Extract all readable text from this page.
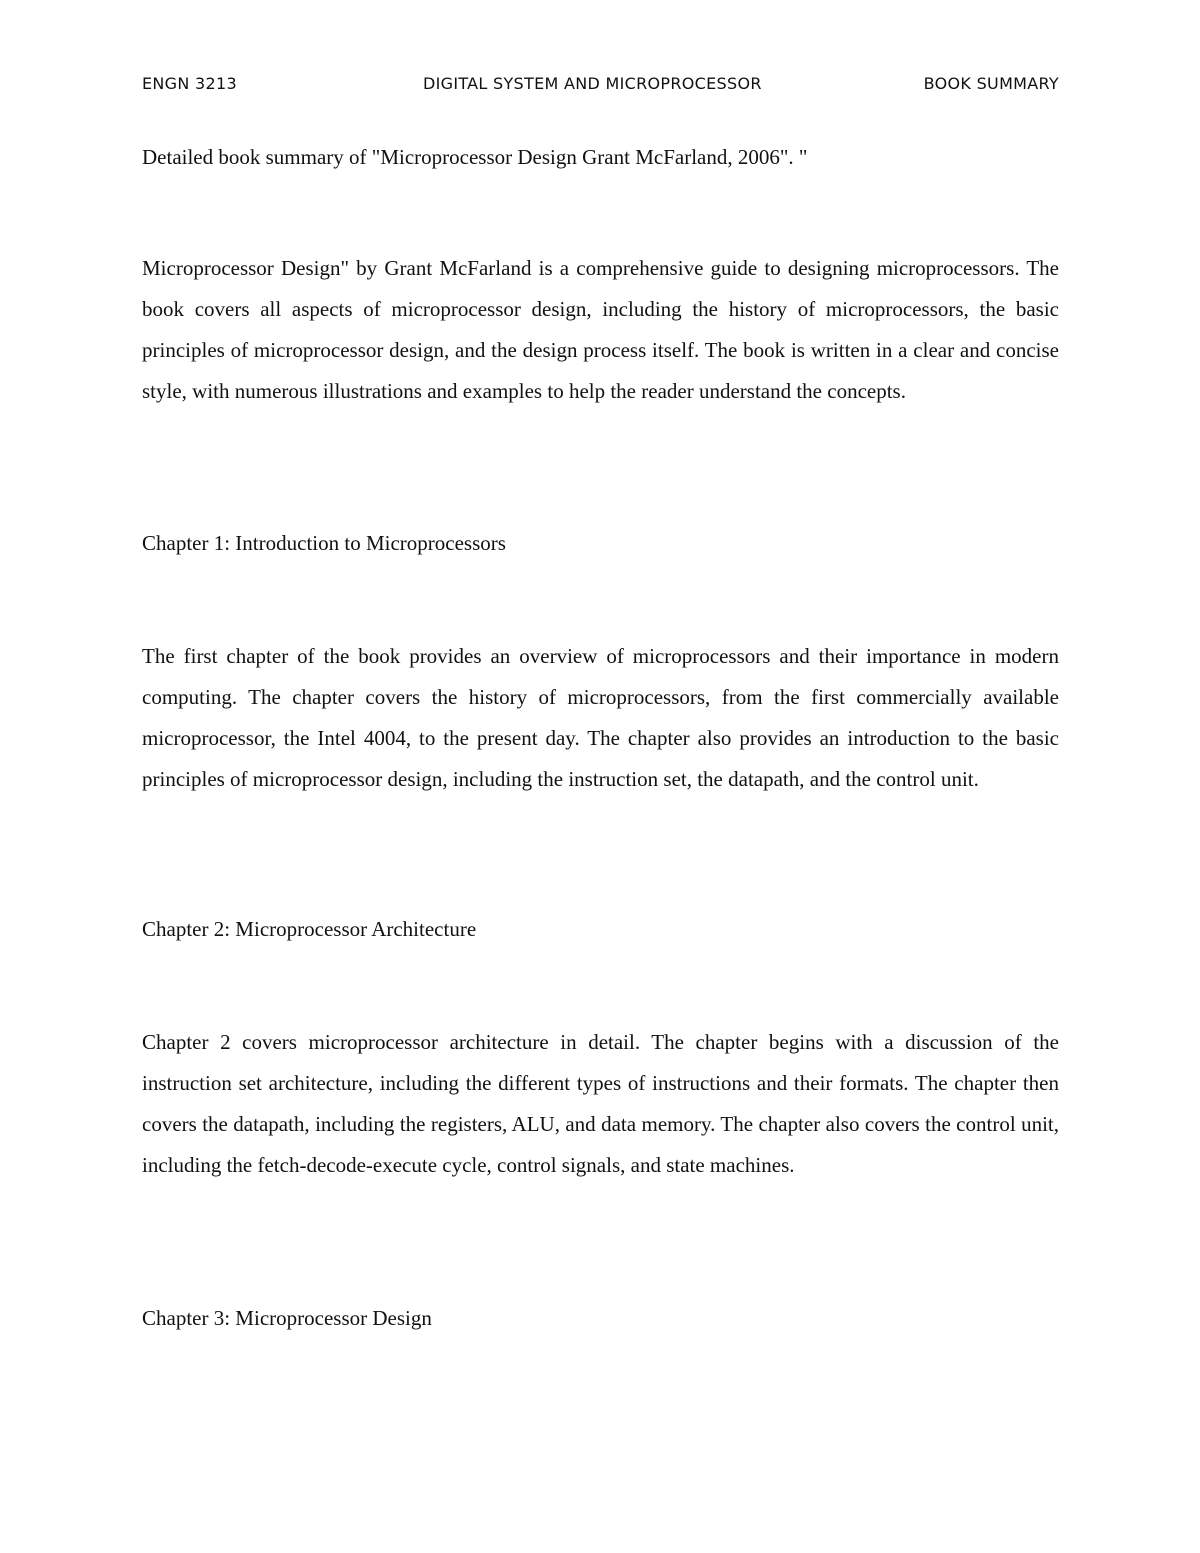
ENGN 3213	DIGITAL SYSTEM AND MICROPROCESSOR	BOOK SUMMARY

Detailed book summary of "Microprocessor Design Grant McFarland, 2006". "

Microprocessor Design" by Grant McFarland is a comprehensive guide to designing microprocessors. The book covers all aspects of microprocessor design, including the history of microprocessors, the basic principles of microprocessor design, and the design process itself. The book is written in a clear and concise style, with numerous illustrations and examples to help the reader understand the concepts.

Chapter 1: Introduction to Microprocessors

The first chapter of the book provides an overview of microprocessors and their importance in modern computing. The chapter covers the history of microprocessors, from the first commercially available microprocessor, the Intel 4004, to the present day. The chapter also provides an introduction to the basic principles of microprocessor design, including the instruction set, the datapath, and the control unit.

Chapter 2: Microprocessor Architecture

Chapter 2 covers microprocessor architecture in detail. The chapter begins with a discussion of the instruction set architecture, including the different types of instructions and their formats. The chapter then covers the datapath, including the registers, ALU, and data memory. The chapter also covers the control unit, including the fetch-decode-execute cycle, control signals, and state machines.

Chapter 3: Microprocessor Design
